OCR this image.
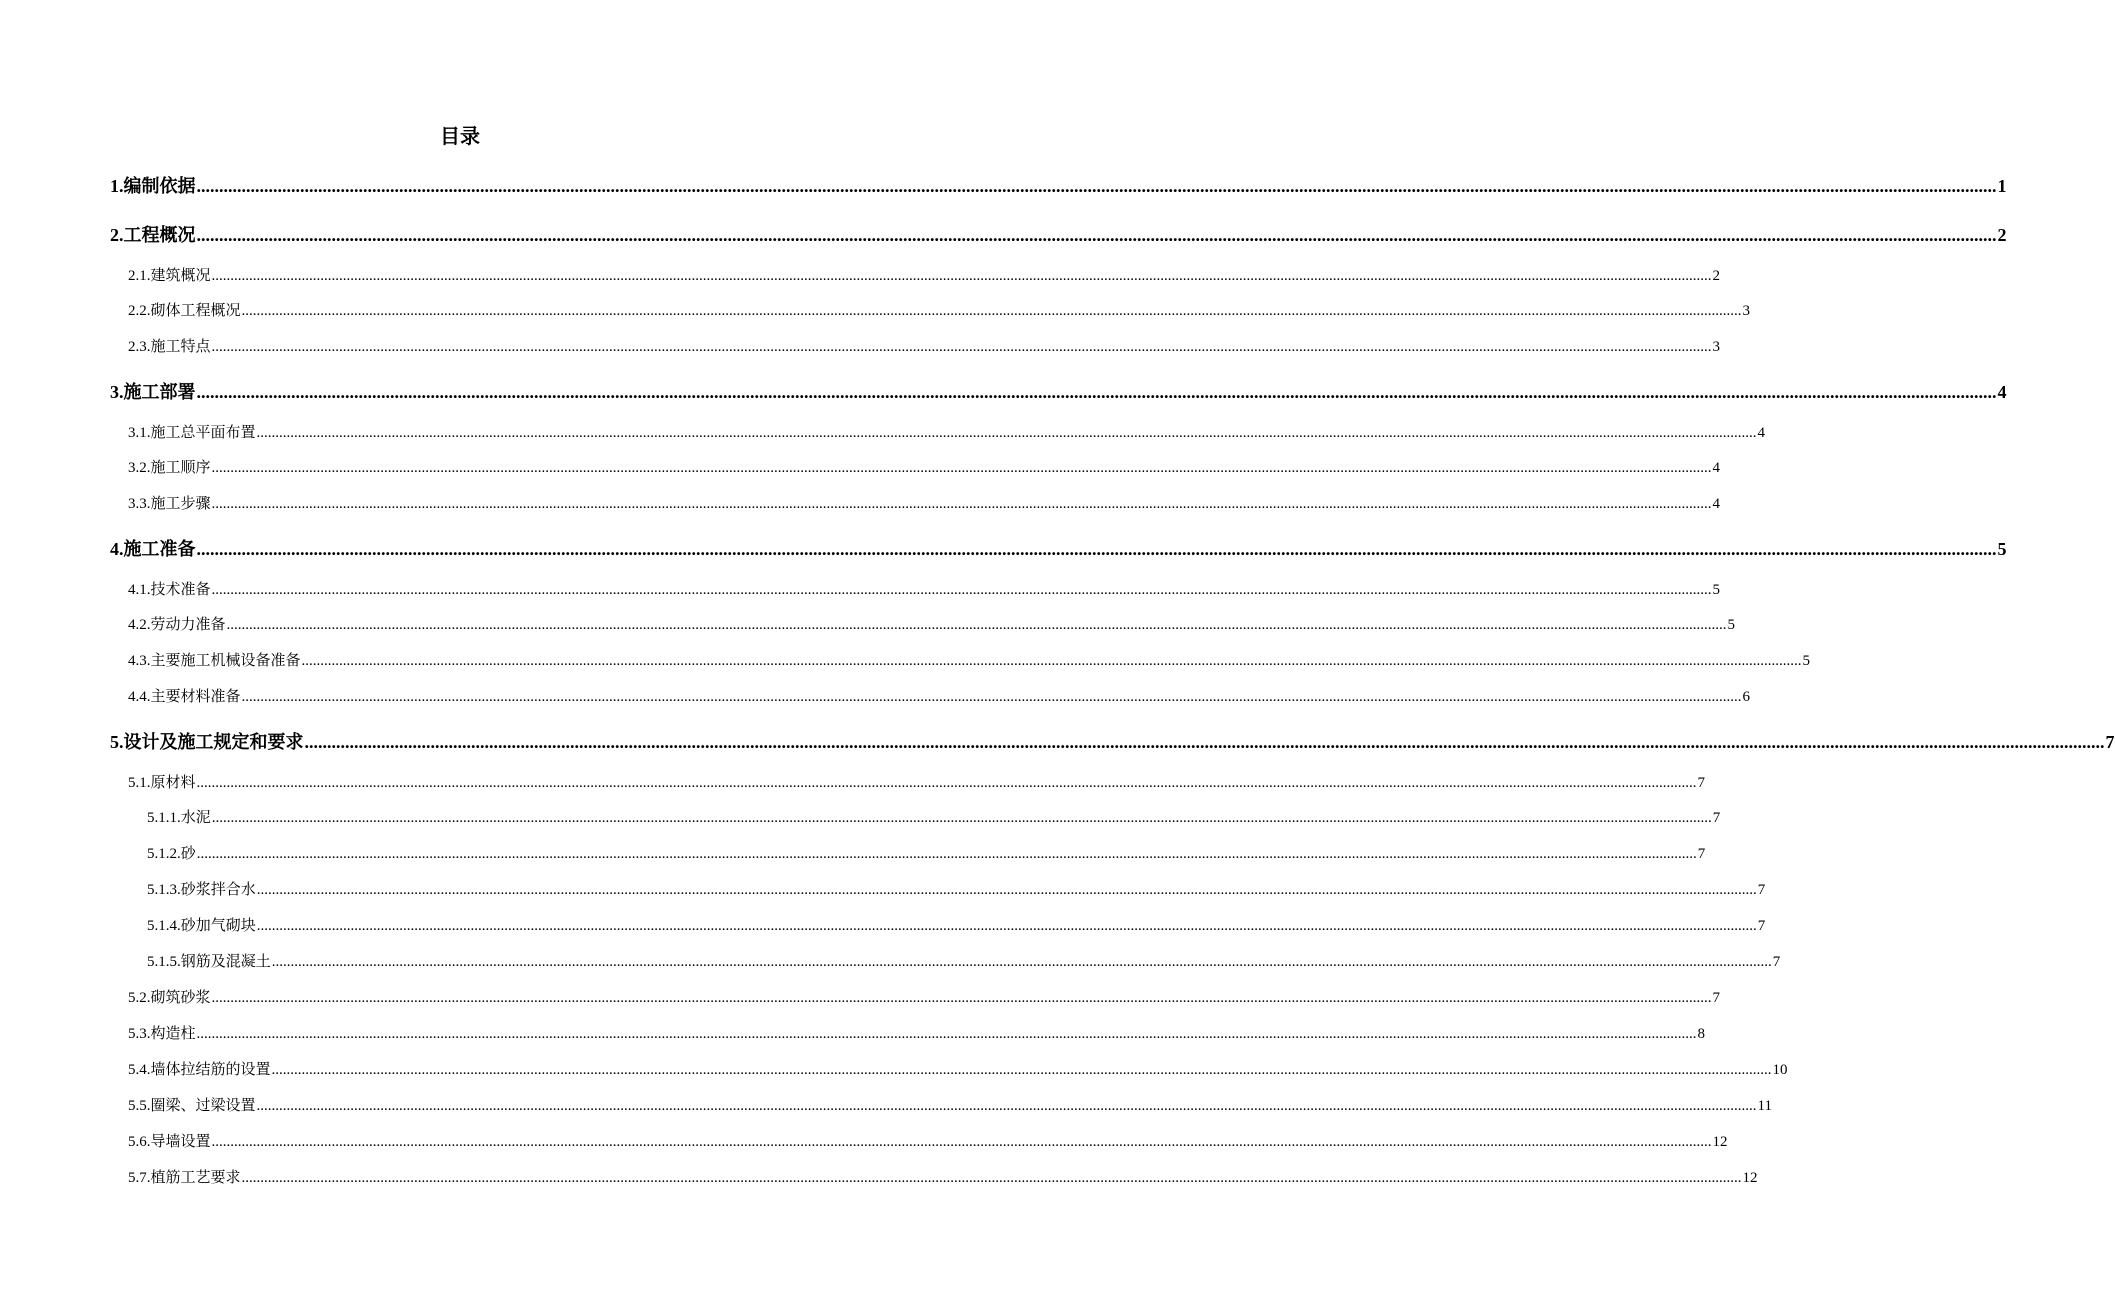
目录
1. 编制依据 ................................................................................................................................................................................................................................................................................................................................................................................................................ 1
2. 工程概况 ................................................................................................................................................................................................................................................................................................................................................................................................................ 2
2.1. 建筑概况 ................................................................................................................................................................................................................................................................................................................................................................................................................ 2
2.2. 砌体工程概况 ................................................................................................................................................................................................................................................................................................................................................................................................................ 3
2.3. 施工特点 ................................................................................................................................................................................................................................................................................................................................................................................................................ 3
3. 施工部署 ................................................................................................................................................................................................................................................................................................................................................................................................................ 4
3.1. 施工总平面布置 ................................................................................................................................................................................................................................................................................................................................................................................................................ 4
3.2. 施工顺序 ................................................................................................................................................................................................................................................................................................................................................................................................................ 4
3.3. 施工步骤 ................................................................................................................................................................................................................................................................................................................................................................................................................ 4
4. 施工准备 ................................................................................................................................................................................................................................................................................................................................................................................................................ 5
4.1. 技术准备 ................................................................................................................................................................................................................................................................................................................................................................................................................ 5
4.2. 劳动力准备 ................................................................................................................................................................................................................................................................................................................................................................................................................ 5
4.3. 主要施工机械设备准备 ................................................................................................................................................................................................................................................................................................................................................................................................................ 5
4.4. 主要材料准备 ................................................................................................................................................................................................................................................................................................................................................................................................................ 6
5. 设计及施工规定和要求 ................................................................................................................................................................................................................................................................................................................................................................................................................ 7
5.1. 原材料 ................................................................................................................................................................................................................................................................................................................................................................................................................ 7
5.1.1. 水泥 ................................................................................................................................................................................................................................................................................................................................................................................................................ 7
5.1.2. 砂 ................................................................................................................................................................................................................................................................................................................................................................................................................ 7
5.1.3. 砂浆拌合水 ................................................................................................................................................................................................................................................................................................................................................................................................................ 7
5.1.4. 砂加气砌块 ................................................................................................................................................................................................................................................................................................................................................................................................................ 7
5.1.5. 钢筋及混凝土 ................................................................................................................................................................................................................................................................................................................................................................................................................ 7
5.2. 砌筑砂浆 ................................................................................................................................................................................................................................................................................................................................................................................................................ 7
5.3. 构造柱 ................................................................................................................................................................................................................................................................................................................................................................................................................ 8
5.4. 墙体拉结筋的设置 ................................................................................................................................................................................................................................................................................................................................................................................................................ 10
5.5. 圈梁、过梁设置 ................................................................................................................................................................................................................................................................................................................................................................................................................ 11
5.6. 导墙设置 ................................................................................................................................................................................................................................................................................................................................................................................................................ 12
5.7. 植筋工艺要求 ................................................................................................................................................................................................................................................................................................................................................................................................................ 12
